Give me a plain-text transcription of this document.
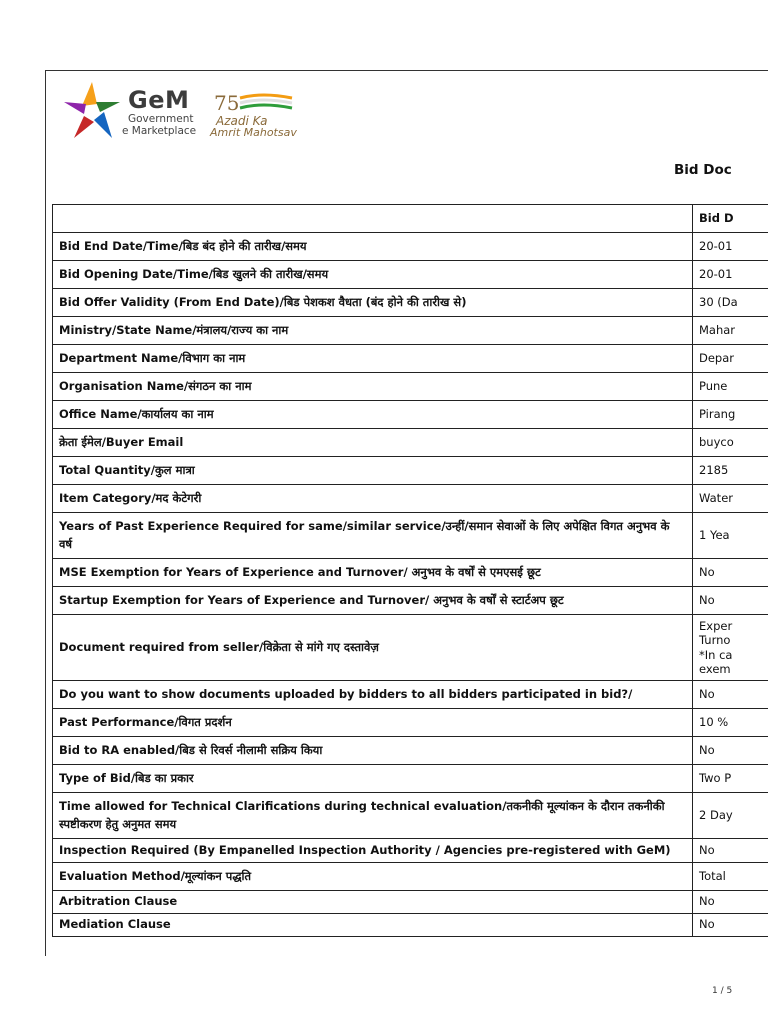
GeM
Government
e Marketplace
75
Azadi Ka
Amrit Mahotsav
Bid Doc
	Bid D
Bid End Date/Time/बिड बंद होने की तारीख/समय	20-01
Bid Opening Date/Time/बिड खुलने की तारीख/समय	20-01
Bid Offer Validity (From End Date)/बिड पेशकश वैधता (बंद होने की तारीख से)	30 (Da
Ministry/State Name/मंत्रालय/राज्य का नाम	Mahar
Department Name/विभाग का नाम	Depar
Organisation Name/संगठन का नाम	Pune
Office Name/कार्यालय का नाम	Pirang
क्रेता ईमेल/Buyer Email	buyco
Total Quantity/कुल मात्रा	2185
Item Category/मद केटेगरी	Water
Years of Past Experience Required for same/similar service/उन्हीं/समान सेवाओं के लिए अपेक्षित विगत अनुभव के वर्ष	1 Yea
MSE Exemption for Years of Experience and Turnover/ अनुभव के वर्षों से एमएसई छूट	No
Startup Exemption for Years of Experience and Turnover/ अनुभव के वर्षों से स्टार्टअप छूट	No
Document required from seller/विक्रेता से मांगे गए दस्तावेज़	Exper
Turno
*In ca
exem

Do you want to show documents uploaded by bidders to all bidders participated in bid?/	No
Past Performance/विगत प्रदर्शन	10 %
Bid to RA enabled/बिड से रिवर्स नीलामी सक्रिय किया	No
Type of Bid/बिड का प्रकार	Two P
Time allowed for Technical Clarifications during technical evaluation/तकनीकी मूल्यांकन के दौरान तकनीकी स्पष्टीकरण हेतु अनुमत समय	2 Day
Inspection Required (By Empanelled Inspection Authority / Agencies pre-registered with GeM)	No
Evaluation Method/मूल्यांकन पद्धति	Total
Arbitration Clause	No
Mediation Clause	No
1 / 5
